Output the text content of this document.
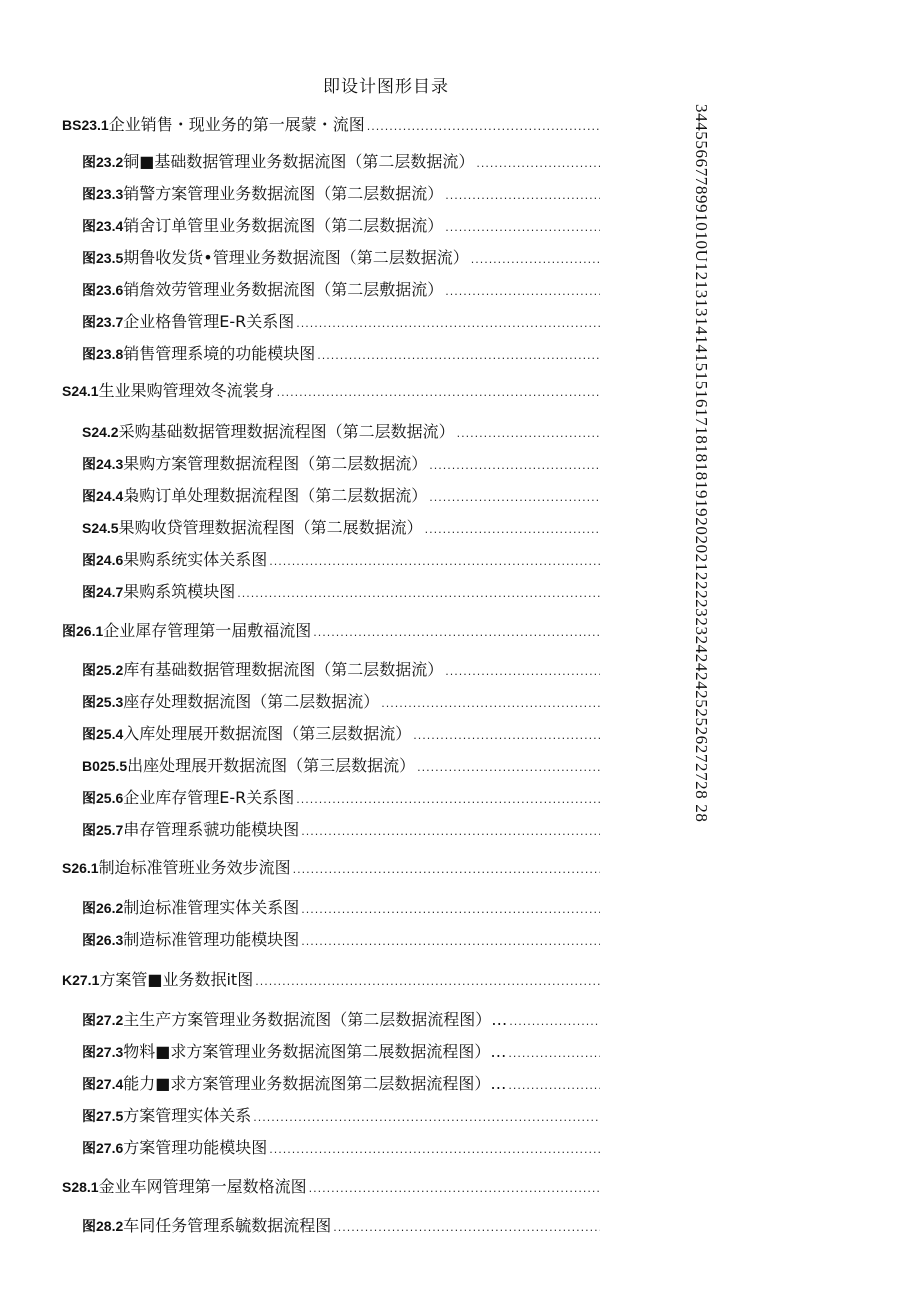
即设计图形目录
BS23.1企业销售・现业务的第一展蒙・流图
.....
图23.2铜■基础数据管理业务数据流图（第二层数据流）
.....
图23.3销警方案管理业务数据流图（第二层数据流）
.....
图23.4销舍订单管里业务数据流图（第二层数据流）
.....
图23.5期鲁收发货•管理业务数据流图（第二层数据流）
.....
图23.6销詹效劳管理业务数据流图（第二层敷据流）
.....
图23.7企业格鲁管理E-R关系图
.....
图23.8销售管理系境的功能模块图
.....
S24.1生业果购管理效冬流裳身
.....
S24.2采购基础数据管理数据流程图（第二层数据流）
.....
图24.3果购方案管理数据流程图（第二层数据流）
.....
图24.4枭购订单处理数据流程图（第二层数据流）
.....
S24.5果购收贷管理数据流程图（第二展数据流）
.....
图24.6果购系统实体关系图
.....
图24.7果购系筑模块图
.....
图26.1企业犀存管理第一届敷福流图
.....
图25.2库有基础数据管理数据流图（第二层数据流）
.....
图25.3座存处理数据流图（第二层数据流）
.....
图25.4入库处理展开数据流图（第三层数据流）
.....
B025.5出座处理展开数据流图（第三层数据流）
.....
图25.6企业库存管理E-R关系图
.....
图25.7串存管理系虢功能模块图
.....
S26.1制迨标准管班业务效步流图
.....
图26.2制迨标准管理实体关系图
.....
图26.3制造标准管理功能模块图
.....
K27.1方案管■业务数抿it图
.....
图27.2主生产方案管理业务数据流图（第二层数据流程图）…
.....
图27.3物料■求方案管理业务数据流图第二展数据流程图）…
.....
图27.4能力■求方案管理业务数据流图第二层数据流程图）…
.....
图27.5方案管理实体关系
.....
图27.6方案管理功能模块图
.....
S28.1金业车网管理第一屋数格流图
.....
图28.2车同任务管理系毓数据流程图
.....
3445566778991010U12131314141515161718181819192020212222323242424252526272728 28
